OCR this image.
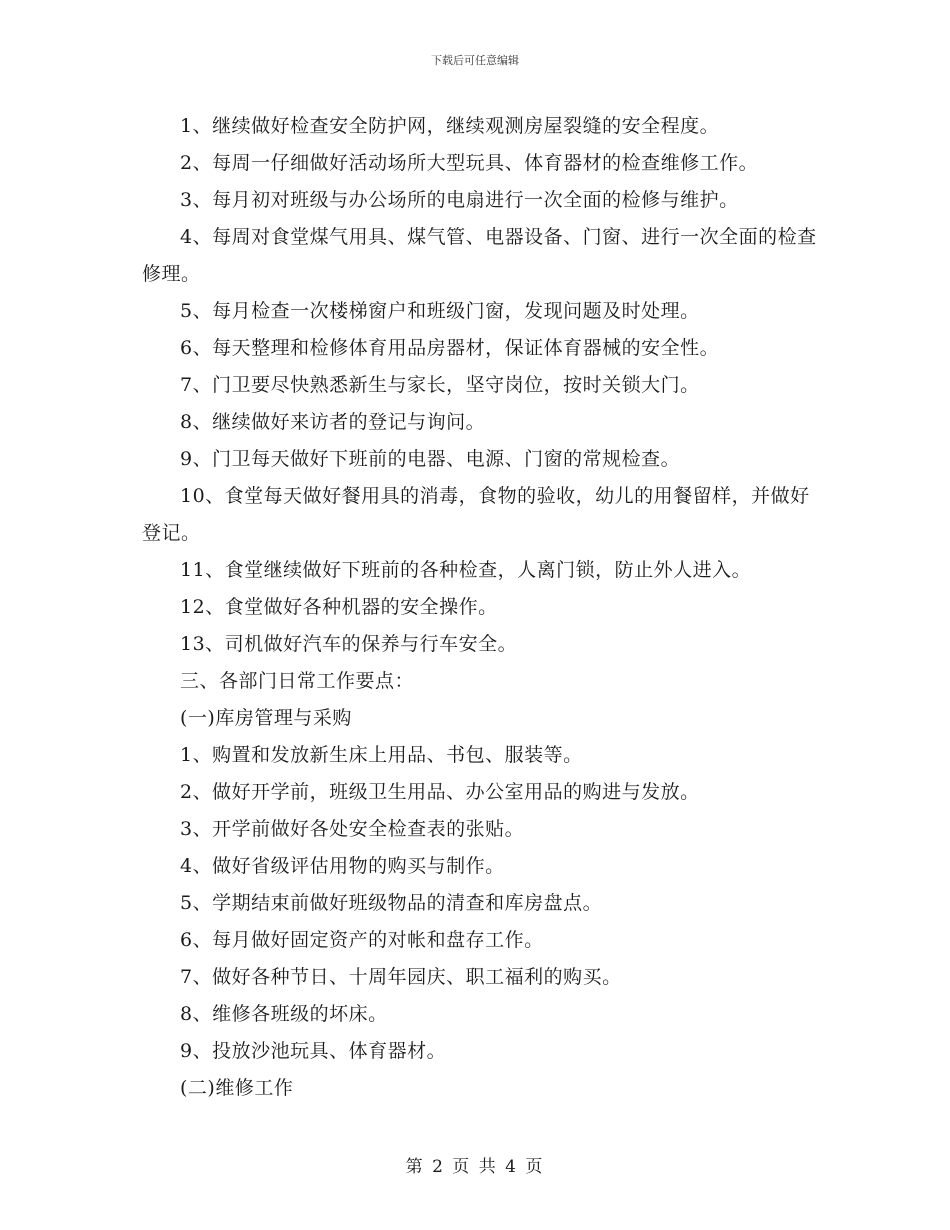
下载后可任意编辑

1、继续做好检查安全防护网，继续观测房屋裂缝的安全程度。

2、每周一仔细做好活动场所大型玩具、体育器材的检查维修工作。

3、每月初对班级与办公场所的电扇进行一次全面的检修与维护。

4、每周对食堂煤气用具、煤气管、电器设备、门窗、进行一次全面的检查修理。

5、每月检查一次楼梯窗户和班级门窗，发现问题及时处理。

6、每天整理和检修体育用品房器材，保证体育器械的安全性。

7、门卫要尽快熟悉新生与家长，坚守岗位，按时关锁大门。

8、继续做好来访者的登记与询问。

9、门卫每天做好下班前的电器、电源、门窗的常规检查。

10、食堂每天做好餐用具的消毒，食物的验收，幼儿的用餐留样，并做好登记。

11、食堂继续做好下班前的各种检查，人离门锁，防止外人进入。

12、食堂做好各种机器的安全操作。

13、司机做好汽车的保养与行车安全。

三、各部门日常工作要点：

(一)库房管理与采购

1、购置和发放新生床上用品、书包、服装等。

2、做好开学前，班级卫生用品、办公室用品的购进与发放。

3、开学前做好各处安全检查表的张贴。

4、做好省级评估用物的购买与制作。

5、学期结束前做好班级物品的清查和库房盘点。

6、每月做好固定资产的对帐和盘存工作。

7、做好各种节日、十周年园庆、职工福利的购买。

8、维修各班级的坏床。

9、投放沙池玩具、体育器材。

(二)维修工作

第 2 页 共 4 页
